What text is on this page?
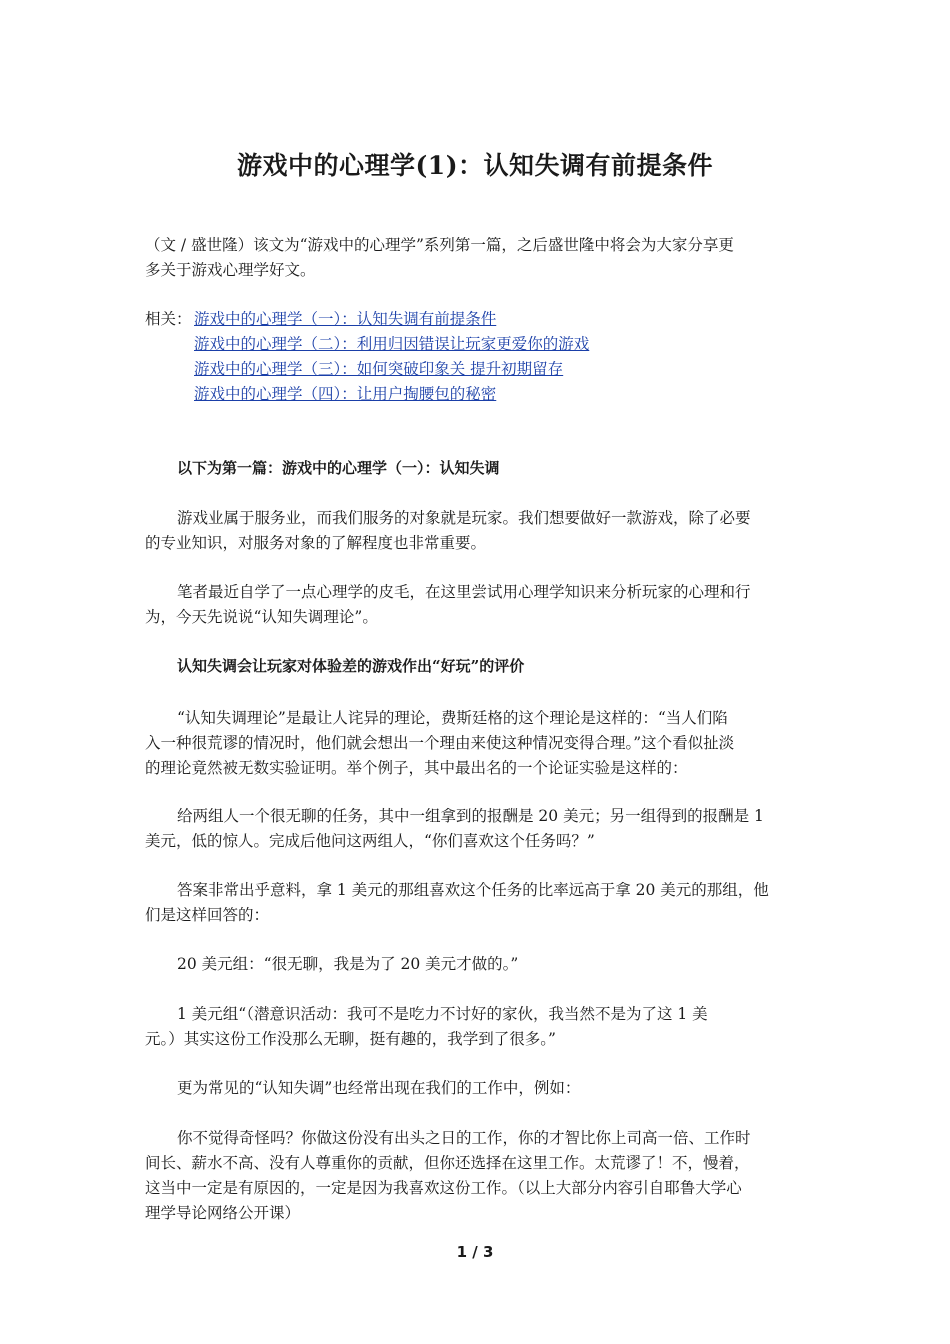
游戏中的心理学(1)：认知失调有前提条件
（文 / 盛世隆）该文为“游戏中的心理学”系列第一篇，之后盛世隆中将会为大家分享更
多关于游戏心理学好文。
相关： 游戏中的心理学（一）：认知失调有前提条件
游戏中的心理学（二）：利用归因错误让玩家更爱你的游戏
游戏中的心理学（三）：如何突破印象关 提升初期留存
游戏中的心理学（四）：让用户掏腰包的秘密
以下为第一篇：游戏中的心理学（一）：认知失调
游戏业属于服务业，而我们服务的对象就是玩家。我们想要做好一款游戏，除了必要
的专业知识，对服务对象的了解程度也非常重要。
笔者最近自学了一点心理学的皮毛，在这里尝试用心理学知识来分析玩家的心理和行
为，今天先说说“认知失调理论”。
认知失调会让玩家对体验差的游戏作出“好玩”的评价
“认知失调理论”是最让人诧异的理论，费斯廷格的这个理论是这样的：“当人们陷
入一种很荒谬的情况时，他们就会想出一个理由来使这种情况变得合理。”这个看似扯淡
的理论竟然被无数实验证明。举个例子，其中最出名的一个论证实验是这样的：
给两组人一个很无聊的任务，其中一组拿到的报酬是 20 美元；另一组得到的报酬是 1
美元，低的惊人。完成后他问这两组人，“你们喜欢这个任务吗？”
答案非常出乎意料，拿 1 美元的那组喜欢这个任务的比率远高于拿 20 美元的那组，他
们是这样回答的：
20 美元组：“很无聊，我是为了 20 美元才做的。”
1 美元组“（潜意识活动：我可不是吃力不讨好的家伙，我当然不是为了这 1 美
元。）其实这份工作没那么无聊，挺有趣的，我学到了很多。”
更为常见的“认知失调”也经常出现在我们的工作中，例如：
你不觉得奇怪吗？你做这份没有出头之日的工作，你的才智比你上司高一倍、工作时
间长、薪水不高、没有人尊重你的贡献，但你还选择在这里工作。太荒谬了！不，慢着，
这当中一定是有原因的，一定是因为我喜欢这份工作。（以上大部分内容引自耶鲁大学心
理学导论网络公开课）
1 / 3
